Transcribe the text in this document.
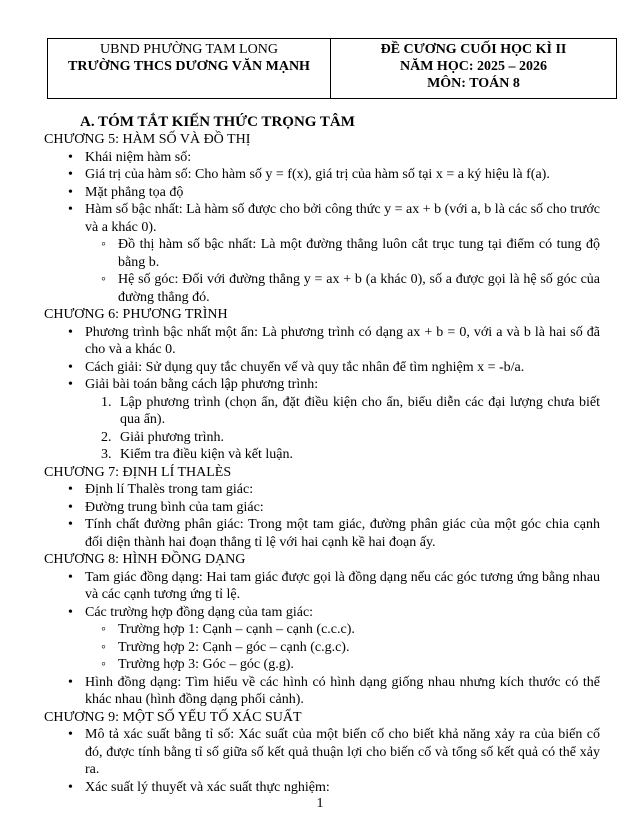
UBND PHƯỜNG TAM LONG
TRƯỜNG THCS DƯƠNG VĂN MẠNH
ĐỀ CƯƠNG CUỐI HỌC KÌ II
NĂM HỌC: 2025 – 2026
MÔN: TOÁN 8
A. TÓM TẮT KIẾN THỨC TRỌNG TÂM
CHƯƠNG 5: HÀM SỐ VÀ ĐỒ THỊ
• Khái niệm hàm số:
• Giá trị của hàm số: Cho hàm số y = f(x), giá trị của hàm số tại x = a ký hiệu là f(a).
• Mặt phẳng tọa độ
• Hàm số bậc nhất: Là hàm số được cho bởi công thức y = ax + b (với a, b là các số cho trước và a khác 0).
◦ Đồ thị hàm số bậc nhất: Là một đường thẳng luôn cắt trục tung tại điểm có tung độ bằng b.
◦ Hệ số góc: Đối với đường thẳng y = ax + b (a khác 0), số a được gọi là hệ số góc của đường thẳng đó.
CHƯƠNG 6: PHƯƠNG TRÌNH
• Phương trình bậc nhất một ẩn: Là phương trình có dạng ax + b = 0, với a và b là hai số đã cho và a khác 0.
• Cách giải: Sử dụng quy tắc chuyển vế và quy tắc nhân để tìm nghiệm x = -b/a.
• Giải bài toán bằng cách lập phương trình:
1. Lập phương trình (chọn ẩn, đặt điều kiện cho ẩn, biểu diễn các đại lượng chưa biết qua ẩn).
2. Giải phương trình.
3. Kiểm tra điều kiện và kết luận.
CHƯƠNG 7: ĐỊNH LÍ THALÈS
• Định lí Thalès trong tam giác:
• Đường trung bình của tam giác:
• Tính chất đường phân giác: Trong một tam giác, đường phân giác của một góc chia cạnh đối diện thành hai đoạn thẳng tỉ lệ với hai cạnh kề hai đoạn ấy.
CHƯƠNG 8: HÌNH ĐỒNG DẠNG
• Tam giác đồng dạng: Hai tam giác được gọi là đồng dạng nếu các góc tương ứng bằng nhau và các cạnh tương ứng tỉ lệ.
• Các trường hợp đồng dạng của tam giác:
◦ Trường hợp 1: Cạnh – cạnh – cạnh (c.c.c).
◦ Trường hợp 2: Cạnh – góc – cạnh (c.g.c).
◦ Trường hợp 3: Góc – góc (g.g).
• Hình đồng dạng: Tìm hiểu về các hình có hình dạng giống nhau nhưng kích thước có thể khác nhau (hình đồng dạng phối cảnh).
CHƯƠNG 9: MỘT SỐ YẾU TỐ XÁC SUẤT
• Mô tả xác suất bằng tỉ số: Xác suất của một biến cố cho biết khả năng xảy ra của biến cố đó, được tính bằng tỉ số giữa số kết quả thuận lợi cho biến cố và tổng số kết quả có thể xảy ra.
• Xác suất lý thuyết và xác suất thực nghiệm:
1
